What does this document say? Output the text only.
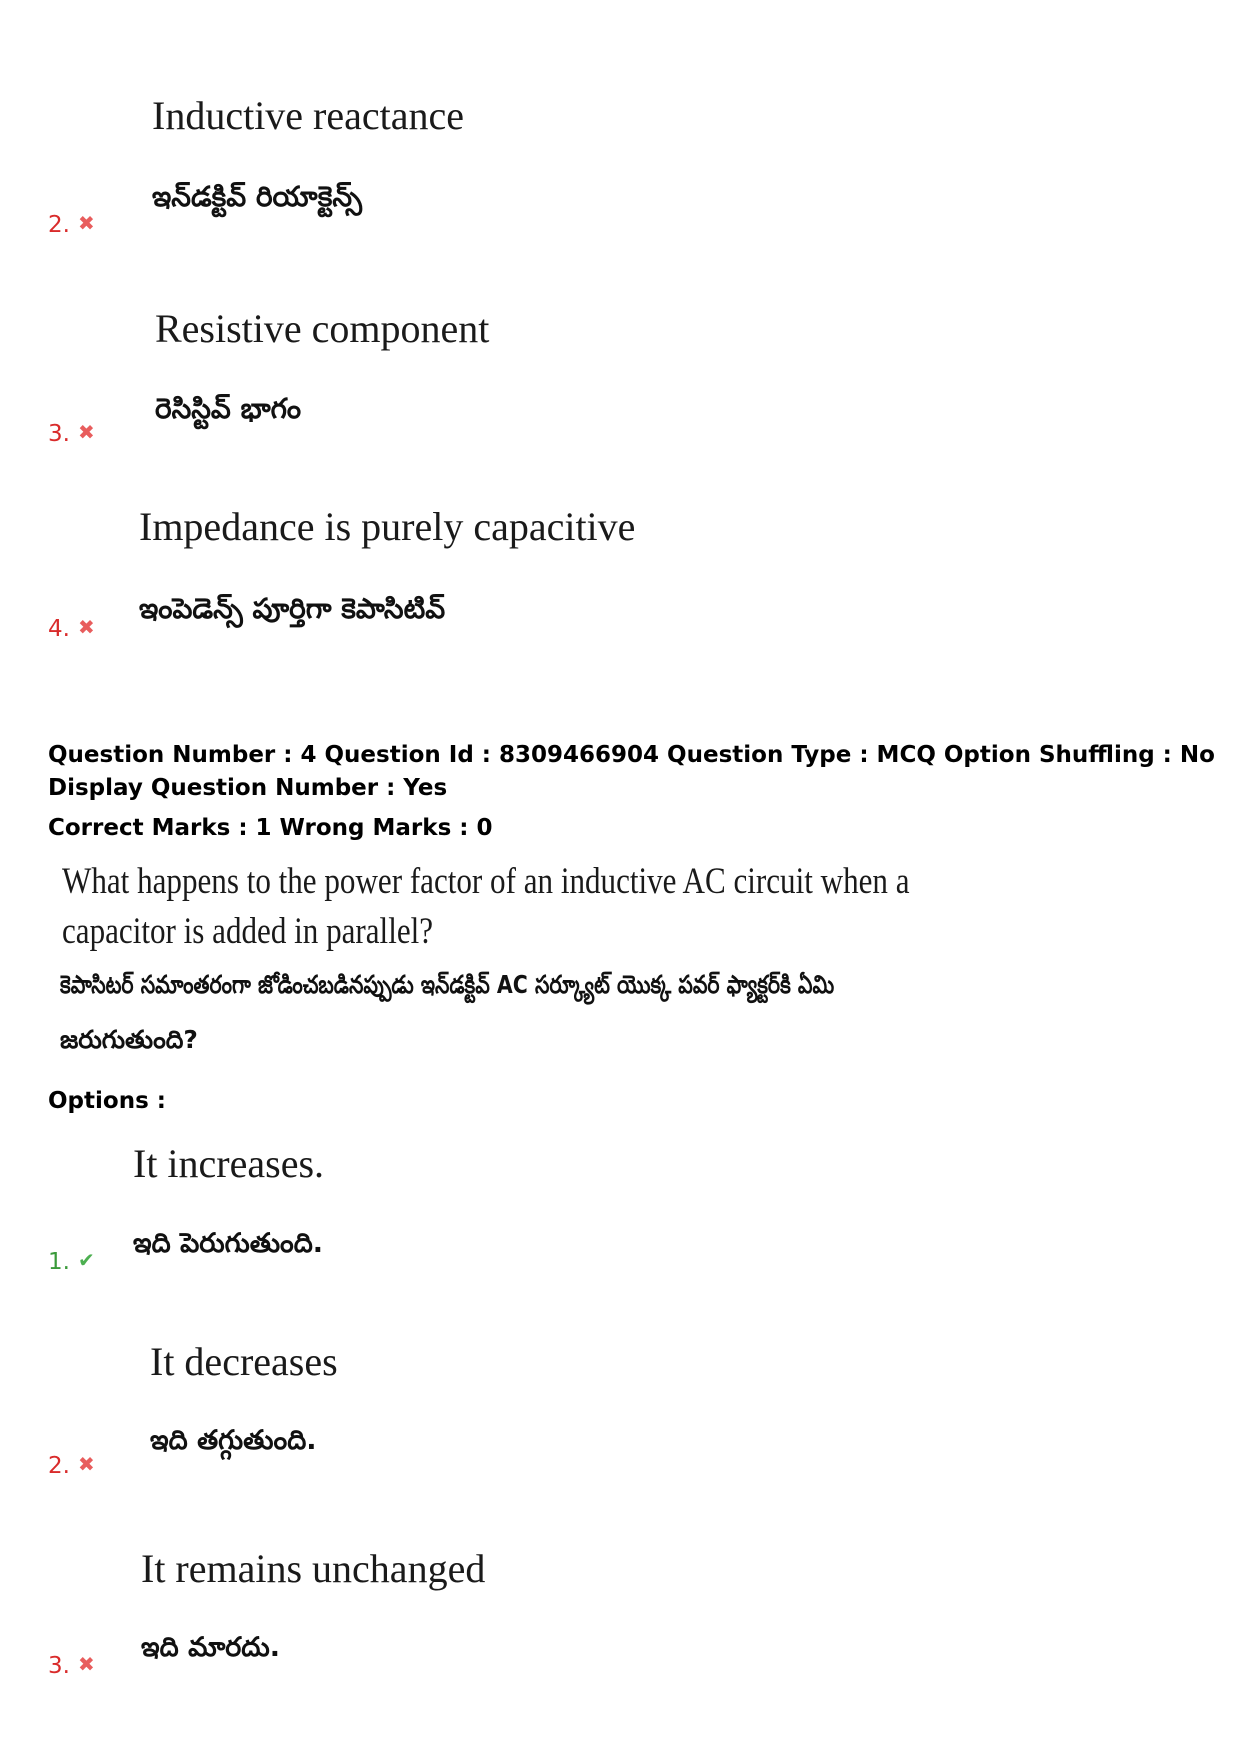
Inductive reactance
ఇన్‌డక్టివ్ రియాక్టెన్స్
2. ✖
Resistive component
రెసిస్టివ్ భాగం
3. ✖
Impedance is purely capacitive
ఇంపెడెన్స్ పూర్తిగా కెపాసిటివ్
4. ✖
Question Number : 4 Question Id : 8309466904 Question Type : MCQ Option Shuffling : No
Display Question Number : Yes
Correct Marks : 1 Wrong Marks : 0
What happens to the power factor of an inductive AC circuit when a
capacitor is added in parallel?
కెపాసిటర్ సమాంతరంగా జోడించబడినప్పుడు ఇన్‌డక్టివ్ AC సర్క్యూట్ యొక్క పవర్ ఫ్యాక్టర్‌కి ఏమి
జరుగుతుంది?
Options :
It increases.
ఇది పెరుగుతుంది.
1. ✔
It decreases
ఇది తగ్గుతుంది.
2. ✖
It remains unchanged
ఇది మారదు.
3. ✖
